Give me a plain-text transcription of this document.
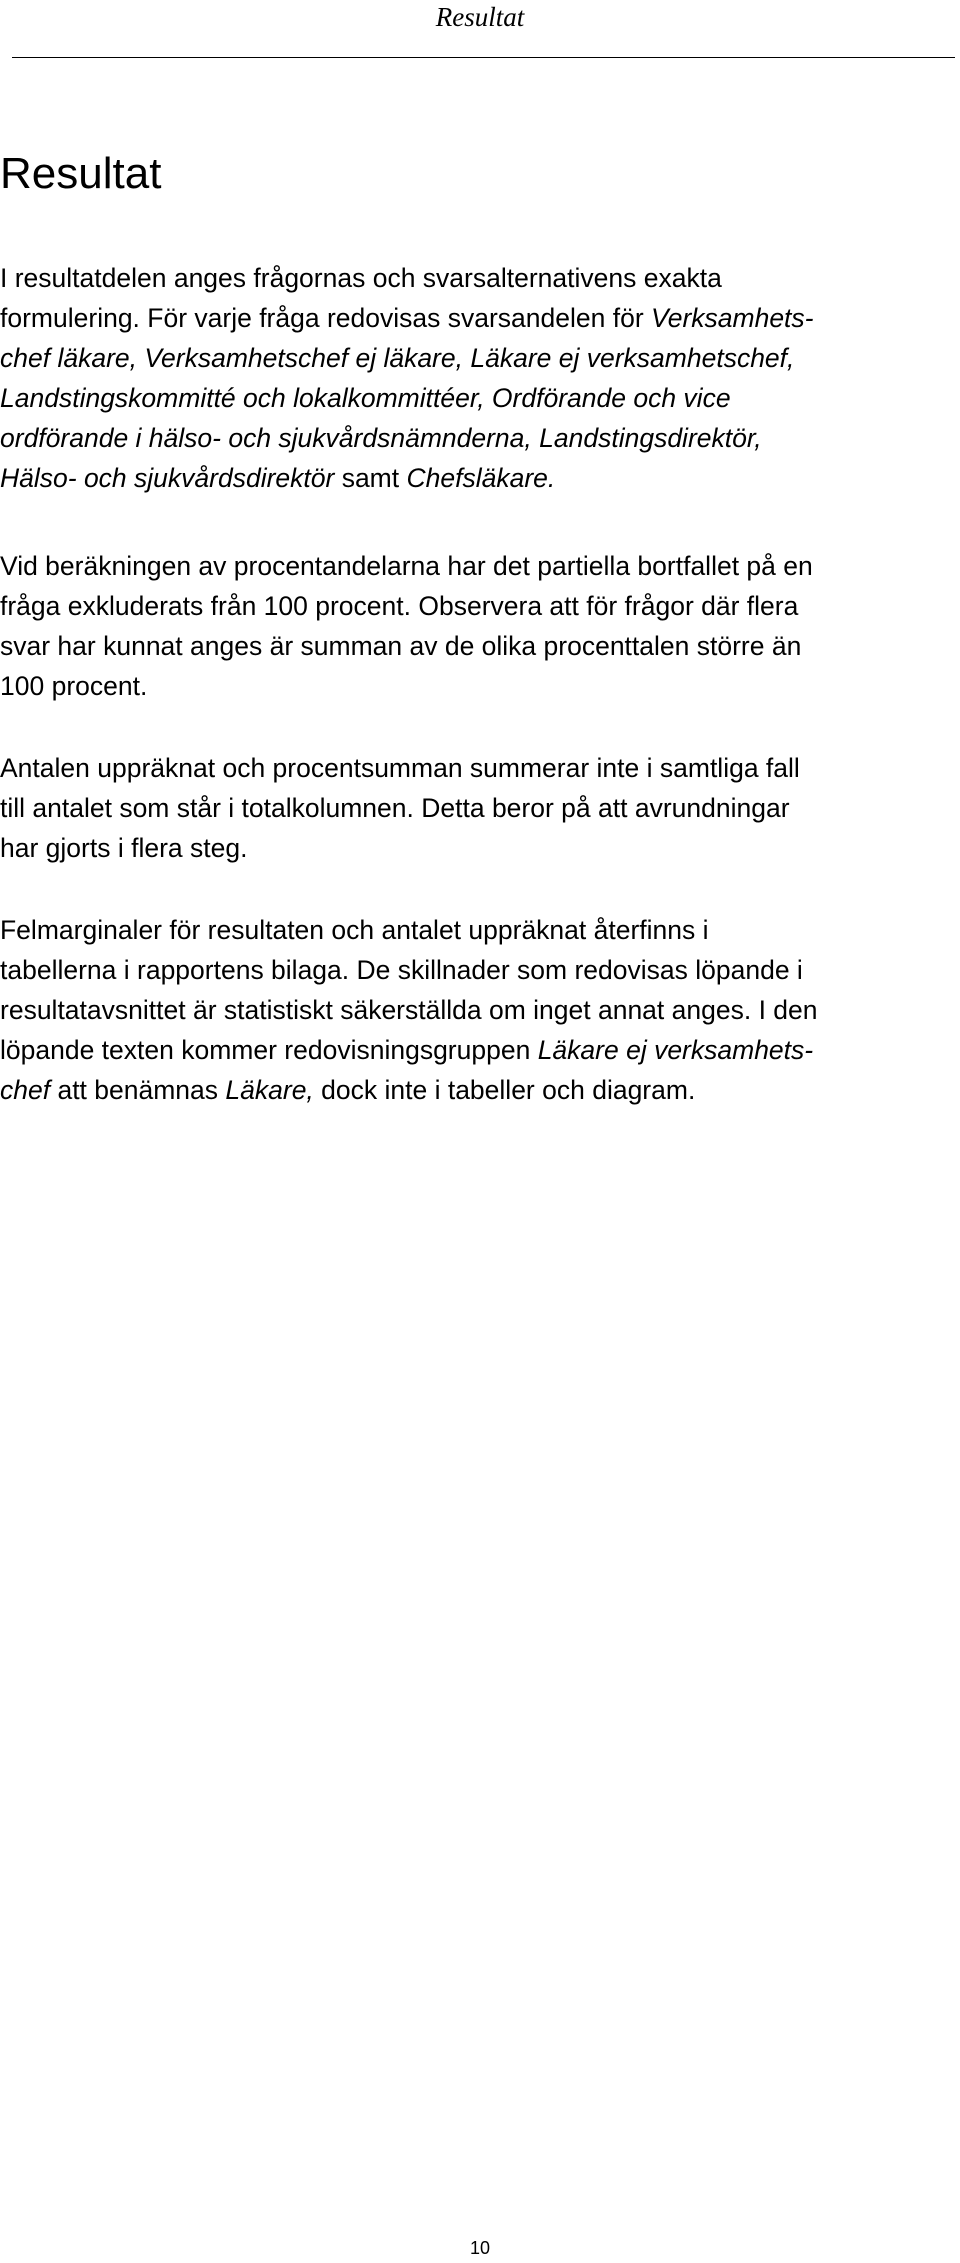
Resultat
Resultat
I resultatdelen anges frågornas och svarsalternativens exakta
formulering. För varje fråga redovisas svarsandelen för Verksamhets-
chef läkare, Verksamhetschef ej läkare, Läkare ej verksamhetschef,
Landstingskommitté och lokalkommittéer, Ordförande och vice
ordförande i hälso- och sjukvårdsnämnderna, Landstingsdirektör,
Hälso- och sjukvårdsdirektör samt Chefsläkare.
Vid beräkningen av procentandelarna har det partiella bortfallet på en
fråga exkluderats från 100 procent. Observera att för frågor där flera
svar har kunnat anges är summan av de olika procenttalen större än
100 procent.
Antalen uppräknat och procentsumman summerar inte i samtliga fall
till antalet som står i totalkolumnen. Detta beror på att avrundningar
har gjorts i flera steg.
Felmarginaler för resultaten och antalet uppräknat återfinns i
tabellerna i rapportens bilaga. De skillnader som redovisas löpande i
resultatavsnittet är statistiskt säkerställda om inget annat anges. I den
löpande texten kommer redovisningsgruppen Läkare ej verksamhets-
chef att benämnas Läkare, dock inte i tabeller och diagram.
10
